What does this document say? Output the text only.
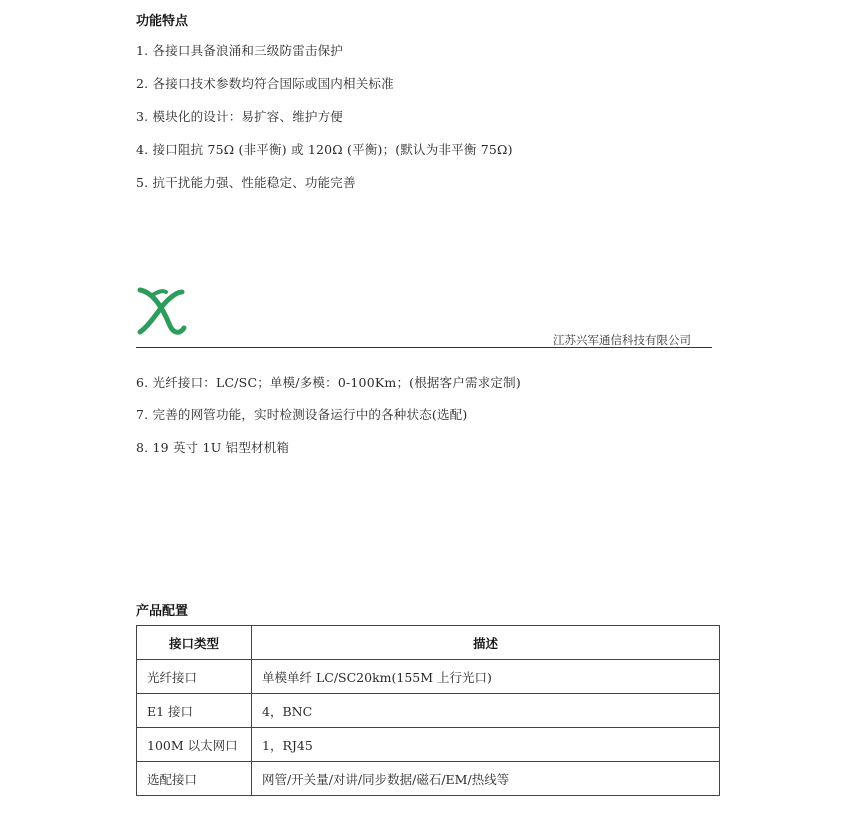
功能特点
1. 各接口具备浪涌和三级防雷击保护
2. 各接口技术参数均符合国际或国内相关标准
3. 模块化的设计：易扩容、维护方便
4. 接口阻抗 75Ω (非平衡) 或 120Ω (平衡)；(默认为非平衡 75Ω)
5. 抗干扰能力强、性能稳定、功能完善
江苏兴军通信科技有限公司
6. 光纤接口：LC/SC；单模/多模：0-100Km；(根据客户需求定制)
7. 完善的网管功能，实时检测设备运行中的各种状态(选配)
8. 19 英寸 1U 铝型材机箱
产品配置
接口类型	描述
光纤接口	单模单纤 LC/SC20km(155M 上行光口)
E1 接口	4，BNC
100M 以太网口	1，RJ45
选配接口	网管/开关量/对讲/同步数据/磁石/EM/热线等
